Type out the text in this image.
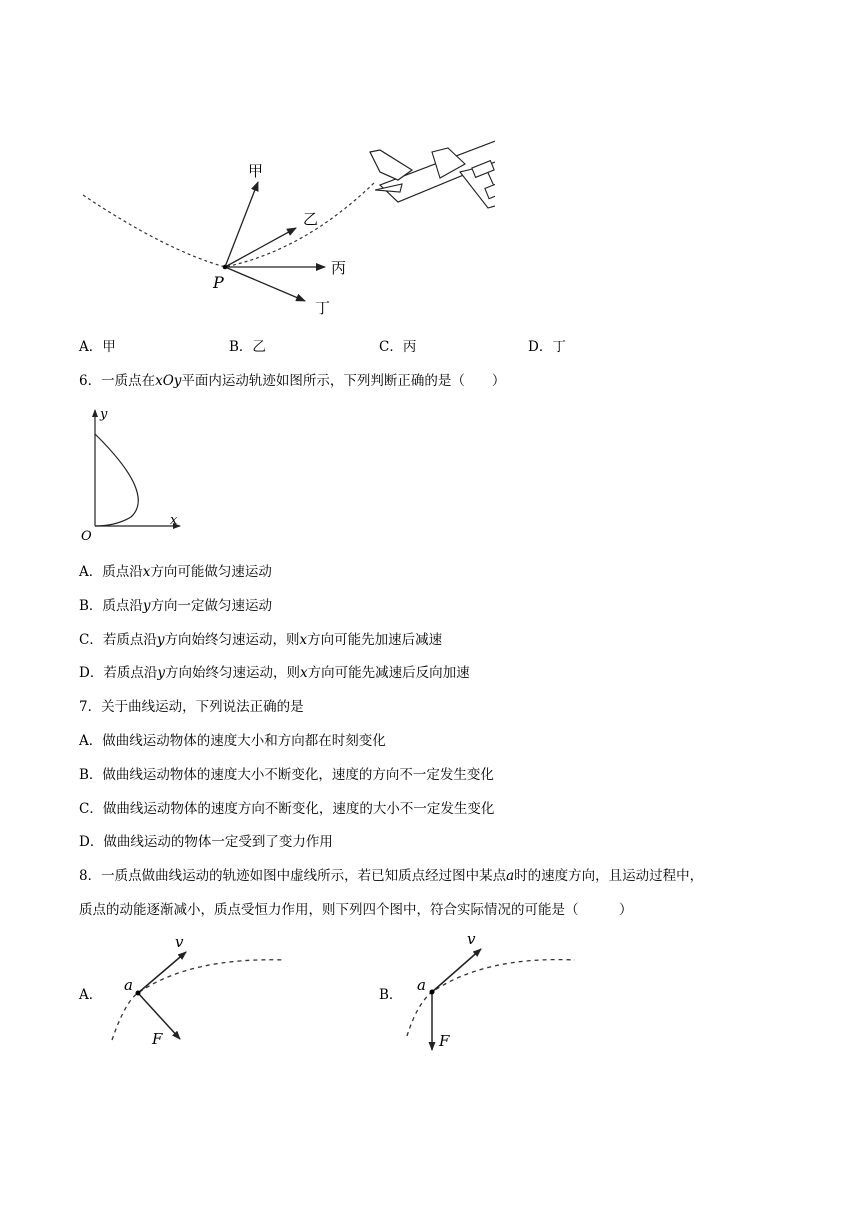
甲
乙
丙
丁
P
A．甲	B．乙	C．丙	D．丁
6．一质点在xOy平面内运动轨迹如图所示，下列判断正确的是（　　）
y
x
O
A．质点沿x方向可能做匀速运动
B．质点沿y方向一定做匀速运动
C．若质点沿y方向始终匀速运动，则x方向可能先加速后减速
D．若质点沿y方向始终匀速运动，则x方向可能先减速后反向加速
7．关于曲线运动，下列说法正确的是
A．做曲线运动物体的速度大小和方向都在时刻变化
B．做曲线运动物体的速度大小不断变化，速度的方向不一定发生变化
C．做曲线运动物体的速度方向不断变化，速度的大小不一定发生变化
D．做曲线运动的物体一定受到了变力作用
8．一质点做曲线运动的轨迹如图中虚线所示，若已知质点经过图中某点a时的速度方向，且运动过程中，
质点的动能逐渐减小，质点受恒力作用，则下列四个图中，符合实际情况的可能是（　　　）
A．
a
v
F
B．
a
v
F
